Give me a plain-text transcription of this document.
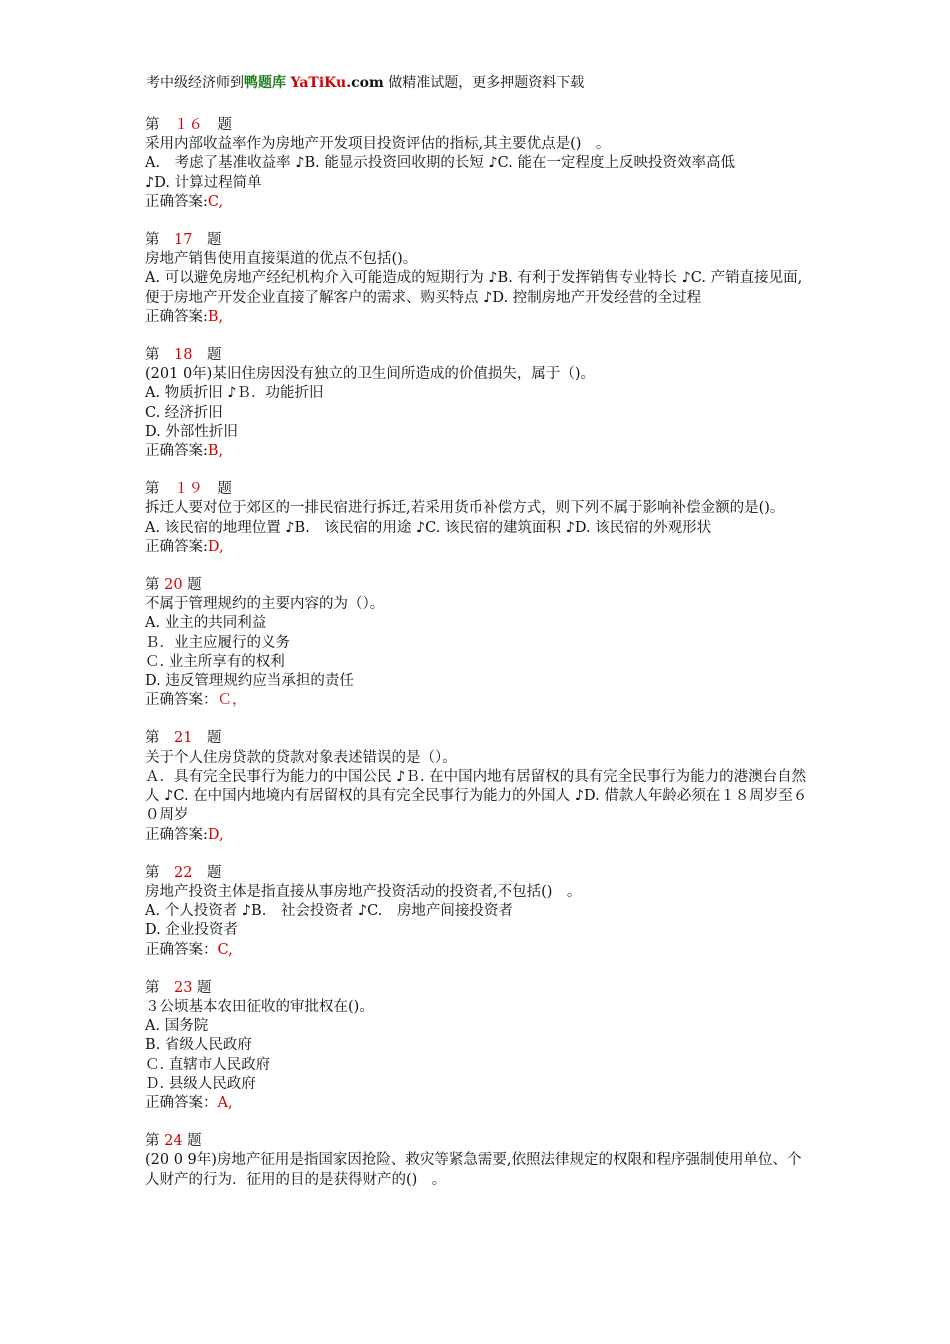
考中级经济师到鸭题库 YaTiKu.com 做精准试题，更多押题资料下载
第　１６　题
采用内部收益率作为房地产开发项目投资评估的指标,其主要优点是()　。
A.　考虑了基准收益率 ♪B. 能显示投资回收期的长短 ♪C. 能在一定程度上反映投资效率高低
♪D. 计算过程简单
正确答案:C,
第　17　题
房地产销售使用直接渠道的优点不包括()。
A. 可以避免房地产经纪机构介入可能造成的短期行为 ♪B. 有利于发挥销售专业特长 ♪C. 产销直接见面,便于房地产开发企业直接了解客户的需求、购买特点 ♪D. 控制房地产开发经营的全过程
正确答案:B,
第　18　题
(201 0年)某旧住房因没有独立的卫生间所造成的价值损失，属于（)。
A. 物质折旧 ♪Ｂ．功能折旧
C. 经济折旧
D. 外部性折旧
正确答案:B,
第　１９　题
拆迁人要对位于郊区的一排民宿进行拆迁,若采用货币补偿方式，则下列不属于影响补偿金额的是()。
A. 该民宿的地理位置 ♪B.　该民宿的用途 ♪C. 该民宿的建筑面积 ♪D. 该民宿的外观形状
正确答案:D,
第 20 题
不属于管理规约的主要内容的为（）。
A. 业主的共同利益
Ｂ．业主应履行的义务
Ｃ. 业主所享有的权利
D. 违反管理规约应当承担的责任
正确答案：Ｃ，
第　21　题
关于个人住房贷款的贷款对象表述错误的是（）。
Ａ．具有完全民事行为能力的中国公民 ♪Ｂ. 在中国内地有居留权的具有完全民事行为能力的港澳台自然人 ♪C. 在中国内地境内有居留权的具有完全民事行为能力的外国人 ♪D. 借款人年龄必须在１８周岁至６０周岁
正确答案:D,
第　22　题
房地产投资主体是指直接从事房地产投资活动的投资者,不包括()　。
A. 个人投资者 ♪B.　社会投资者 ♪C.　房地产间接投资者
D. 企业投资者
正确答案：C,
第　23 题
３公顷基本农田征收的审批权在()。
A. 国务院
B. 省级人民政府
Ｃ. 直辖市人民政府
Ｄ. 县级人民政府
正确答案：A,
第 24 题
(20 0 9年)房地产征用是指国家因抢险、救灾等紧急需要,依照法律规定的权限和程序强制使用单位、个人财产的行为．征用的目的是获得财产的()　。
